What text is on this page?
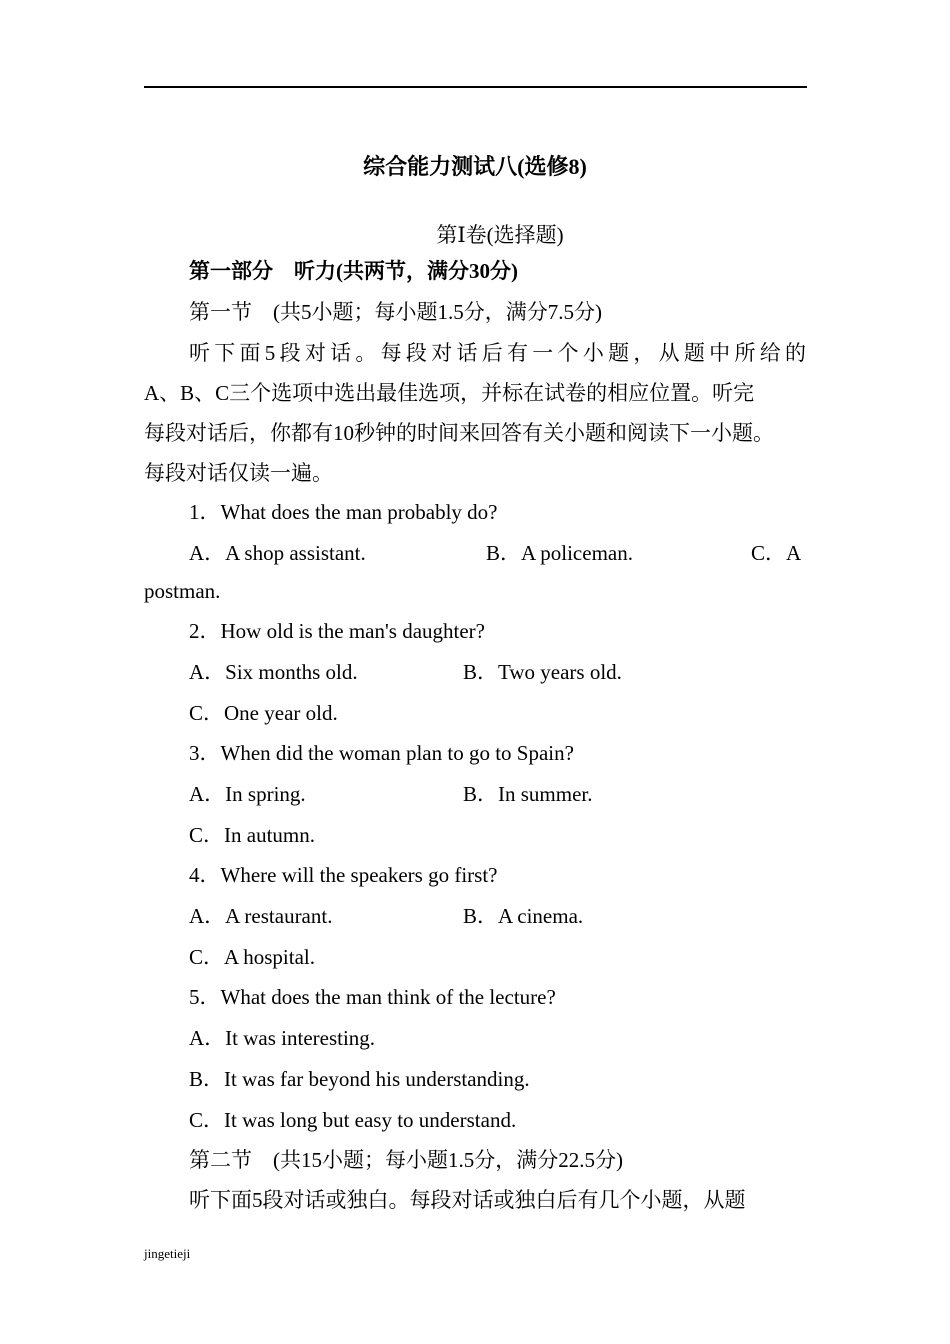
综合能力测试八(选修8)
第Ⅰ卷(选择题)
第一部分　听力(共两节，满分30分)
第一节　(共5小题；每小题1.5分，满分7.5分)
听下面5段对话。每段对话后有一个小题，从题中所给的
A、B、C三个选项中选出最佳选项，并标在试卷的相应位置。听完
每段对话后，你都有10秒钟的时间来回答有关小题和阅读下一小题。
每段对话仅读一遍。
1．What does the man probably do?
A．A shop assistant.	B．A policeman.	C．A
postman.
2．How old is the man's daughter?
A．Six months old.	B．Two years old.
C．One year old.
3．When did the woman plan to go to Spain?
A．In spring.	B．In summer.
C．In autumn.
4．Where will the speakers go first?
A．A restaurant.	B．A cinema.
C．A hospital.
5．What does the man think of the lecture?
A．It was interesting.
B．It was far beyond his understanding.
C．It was long but easy to understand.
第二节　(共15小题；每小题1.5分，满分22.5分)
听下面5段对话或独白。每段对话或独白后有几个小题，从题
jingetieji
